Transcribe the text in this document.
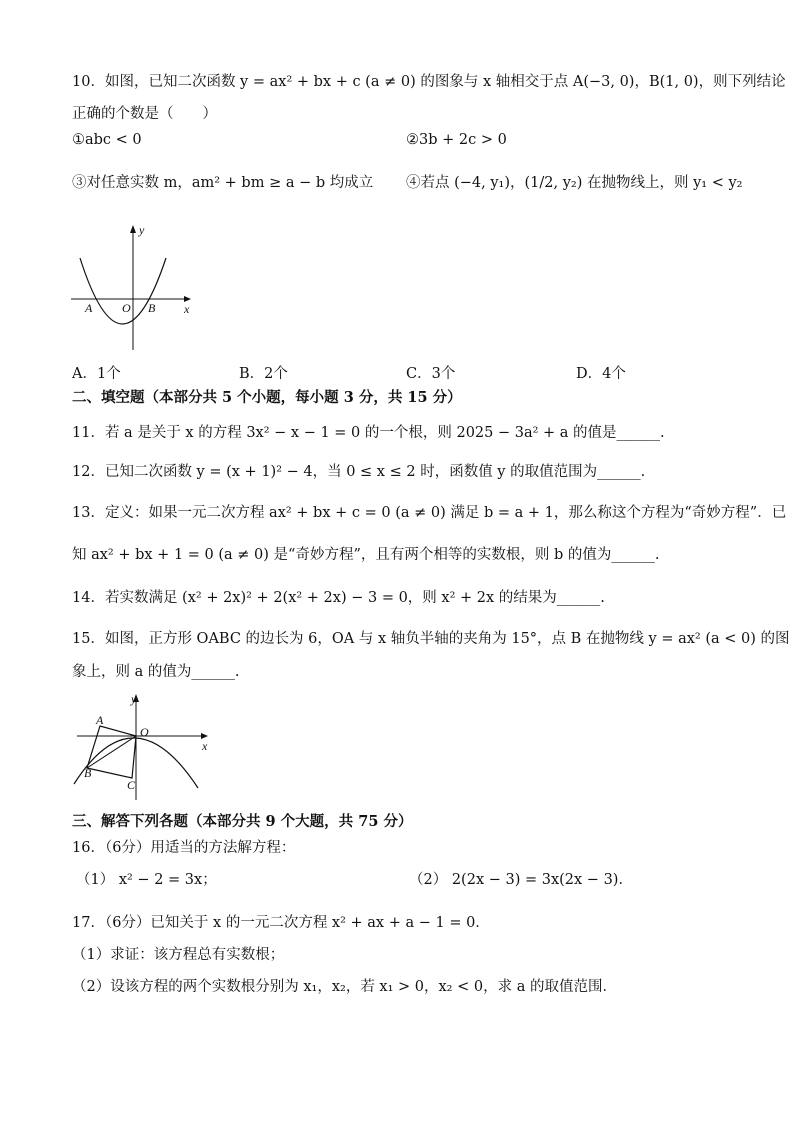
10．如图，已知二次函数 y = ax² + bx + c (a ≠ 0) 的图象与 x 轴相交于点 A(−3, 0)，B(1, 0)，则下列结论
正确的个数是（　　）
①abc < 0	②3b + 2c > 0
③对任意实数 m，am² + bm ≥ a − b 均成立 ④若点 (−4, y₁)，(1/2, y₂) 在抛物线上，则 y₁ < y₂
y
x
A O B
A．1个	B．2个	C．3个	D．4个
二、填空题（本部分共 5 个小题，每小题 3 分，共 15 分）
11．若 a 是关于 x 的方程 3x² − x − 1 = 0 的一个根，则 2025 − 3a² + a 的值是______.
12．已知二次函数 y = (x + 1)² − 4，当 0 ≤ x ≤ 2 时，函数值 y 的取值范围为______.
13．定义：如果一元二次方程 ax² + bx + c = 0 (a ≠ 0) 满足 b = a + 1，那么称这个方程为“奇妙方程”．已
知 ax² + bx + 1 = 0 (a ≠ 0) 是“奇妙方程”，且有两个相等的实数根，则 b 的值为______.
14．若实数满足 (x² + 2x)² + 2(x² + 2x) − 3 = 0，则 x² + 2x 的结果为______.
15．如图，正方形 OABC 的边长为 6，OA 与 x 轴负半轴的夹角为 15°，点 B 在抛物线 y = ax² (a < 0) 的图
象上，则 a 的值为______.
y
x
A
O
B
C
三、解答下列各题（本部分共 9 个大题，共 75 分）
16．（6分）用适当的方法解方程：
（1） x² − 2 = 3x；	（2） 2(2x − 3) = 3x(2x − 3)．
17．（6分）已知关于 x 的一元二次方程 x² + ax + a − 1 = 0．
（1）求证：该方程总有实数根；
（2）设该方程的两个实数根分别为 x₁，x₂，若 x₁ > 0，x₂ < 0，求 a 的取值范围．
